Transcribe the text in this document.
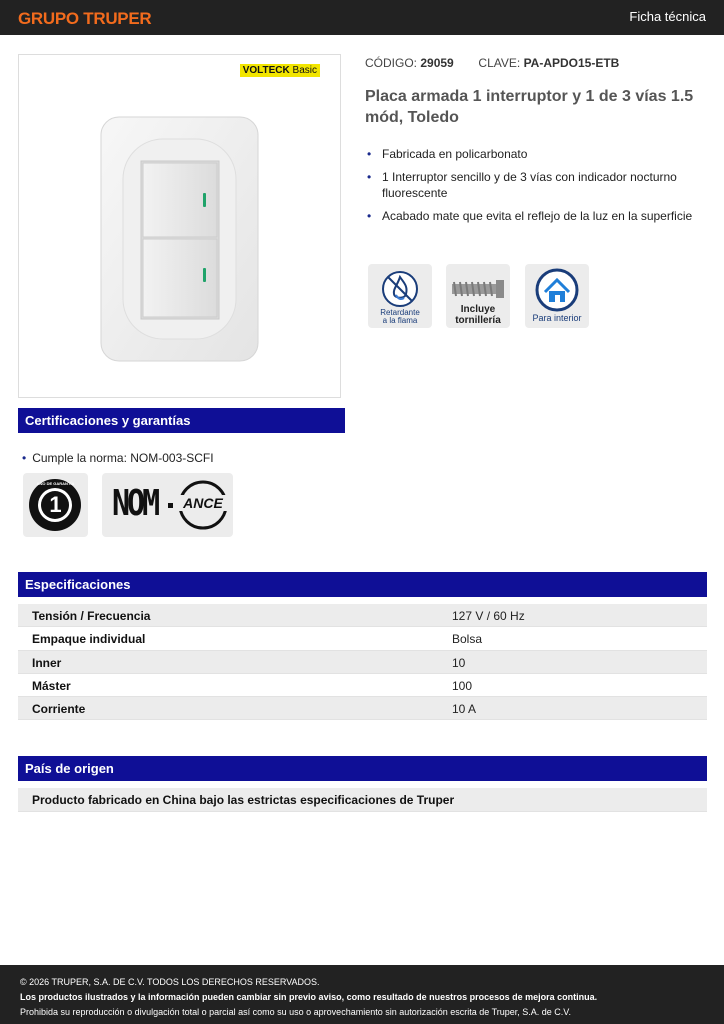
GRUPO TRUPER	Ficha técnica
VOLTECK Basic
CÓDIGO: 29059 CLAVE: PA-APDO15-ETB
Placa armada 1 interruptor y 1 de 3 vías 1.5 mód, Toledo
• Fabricada en policarbonato
• 1 Interruptor sencillo y de 3 vías con indicador nocturno fluorescente
• Acabado mate que evita el reflejo de la luz en la superficie
Retardante
a la flama
Incluye
tornillería	Para interior
Certificaciones y garantías
• Cumple la norma: NOM-003-SCFI
1
AÑO DE GARANTÍA	NOM	ANCE
Especificaciones
Tensión / Frecuencia	127 V / 60 Hz
Empaque individual	Bolsa
Inner	10
Máster	100
Corriente	10 A
País de origen
Producto fabricado en China bajo las estrictas especificaciones de Truper
© 2026 TRUPER, S.A. DE C.V. TODOS LOS DERECHOS RESERVADOS.
Los productos ilustrados y la información pueden cambiar sin previo aviso, como resultado de nuestros procesos de mejora continua.
Prohibida su reproducción o divulgación total o parcial así como su uso o aprovechamiento sin autorización escrita de Truper, S.A. de C.V.
